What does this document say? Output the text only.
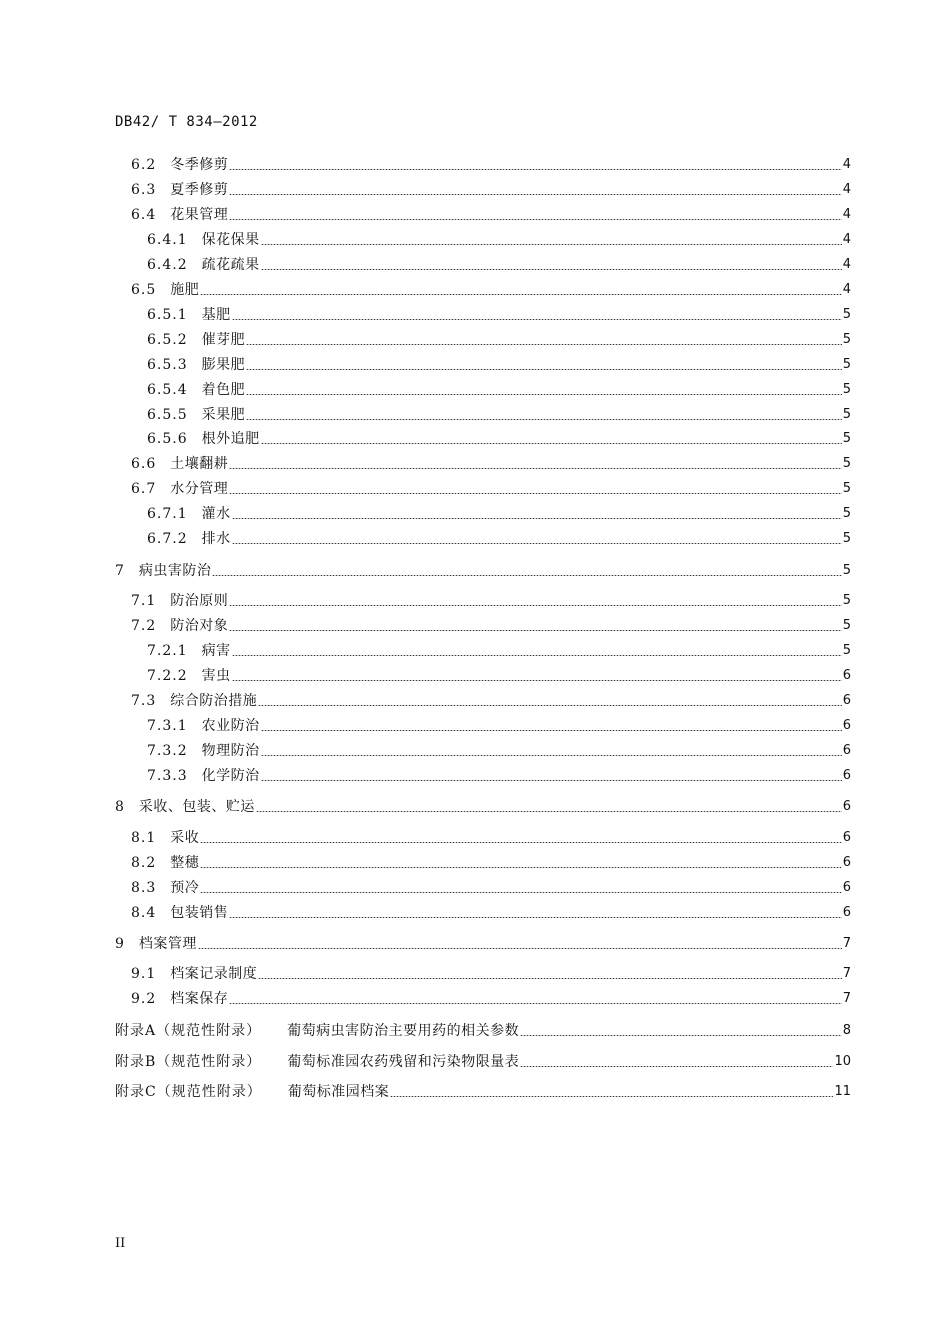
DB42/ T 834—2012
6.2 冬季修剪	4
6.3 夏季修剪	4
6.4 花果管理	4
6.4.1 保花保果	4
6.4.2 疏花疏果	4
6.5 施肥	4
6.5.1 基肥	5
6.5.2 催芽肥	5
6.5.3 膨果肥	5
6.5.4 着色肥	5
6.5.5 采果肥	5
6.5.6 根外追肥	5
6.6 土壤翻耕	5
6.7 水分管理	5
6.7.1 灌水	5
6.7.2 排水	5
7 病虫害防治	5
7.1 防治原则	5
7.2 防治对象	5
7.2.1 病害	5
7.2.2 害虫	6
7.3 综合防治措施	6
7.3.1 农业防治	6
7.3.2 物理防治	6
7.3.3 化学防治	6
8 采收、包装、贮运	6
8.1 采收	6
8.2 整穗	6
8.3 预冷	6
8.4 包装销售	6
9 档案管理	7
9.1 档案记录制度	7
9.2 档案保存	7
附录A（规范性附录） 葡萄病虫害防治主要用药的相关参数	8
附录B（规范性附录） 葡萄标准园农药残留和污染物限量表	10
附录C（规范性附录） 葡萄标准园档案	11
II
